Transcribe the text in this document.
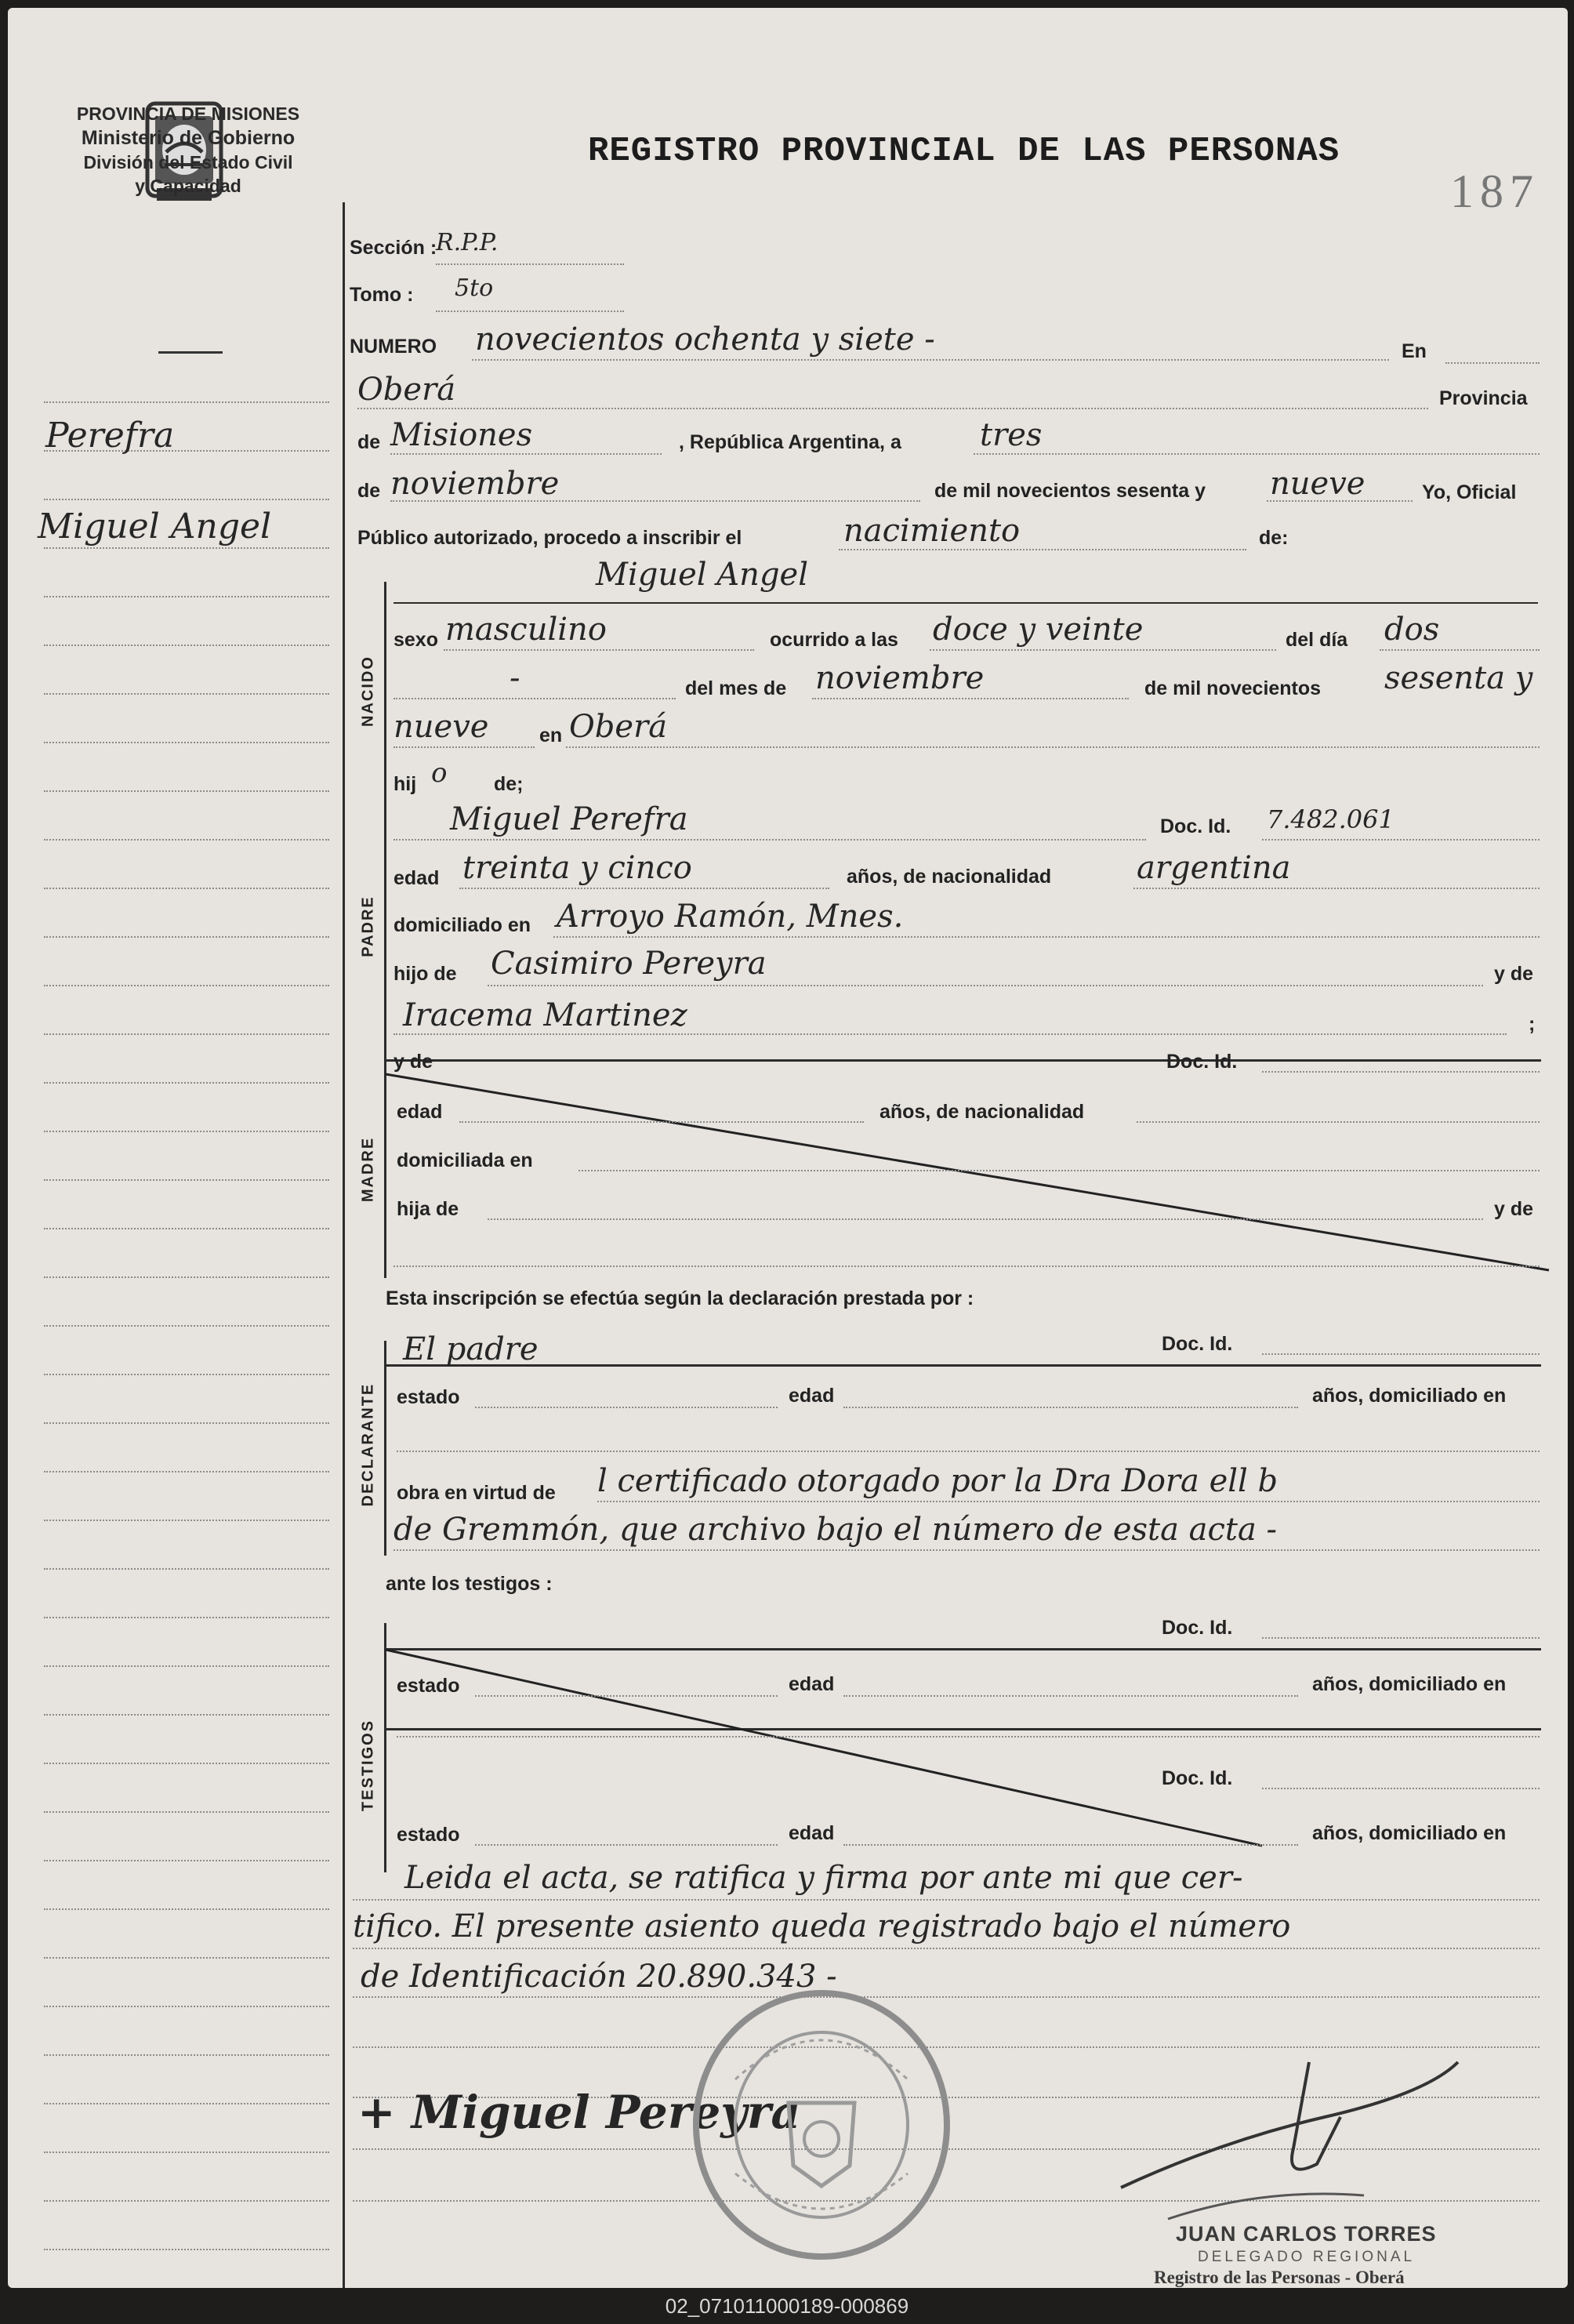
PROVINCIA DE MISIONES
Ministerio de Gobierno
División del Estado Civil
y Capacidad
REGISTRO PROVINCIAL DE LAS PERSONAS
187
Perefra
Miguel Angel
Sección :
R.P.P.
Tomo : 5to
NUMERO novecientos ochenta y siete -	En
Oberá	Provincia
de Misiones	, República Argentina, a	tres
de noviembre	de mil novecientos sesenta y nueve	Yo, Oficial
Público autorizado, procedo a inscribir el	nacimiento	de:
NACIDO
Miguel Angel
sexo masculino	ocurrido a las doce y veinte	del día dos
-	del mes de noviembre	de mil novecientos sesenta y
nueve	en Oberá
hij o de;
PADRE
Miguel Perefra	Doc. Id. 7.482.061
edad treinta y cinco	años, de nacionalidad	argentina
domiciliado en Arroyo Ramón, Mnes.
hijo de Casimiro Pereyra	y de
Iracema Martinez	;
MADRE
y de	Doc. Id.
edad	años, de nacionalidad
domiciliada en
hija de	y de
Esta inscripción se efectúa según la declaración prestada por :
DECLARANTE
El padre	Doc. Id.
estado	edad	años, domiciliado en
obra en virtud de l certificado otorgado por la Dra Dora ell b
de Gremmón, que archivo bajo el número de esta acta -
ante los testigos :
TESTIGOS
Doc. Id.
estado	edad	años, domiciliado en
Doc. Id.
estado	edad	años, domiciliado en
Leida el acta, se ratifica y firma por ante mi que cer-
tifico. El presente asiento queda registrado bajo el número
de Identificación 20.890.343 -
+ Miguel Pereyra
JUAN CARLOS TORRES
DELEGADO REGIONAL
Registro de las Personas - Oberá
02_071011000189-000869
